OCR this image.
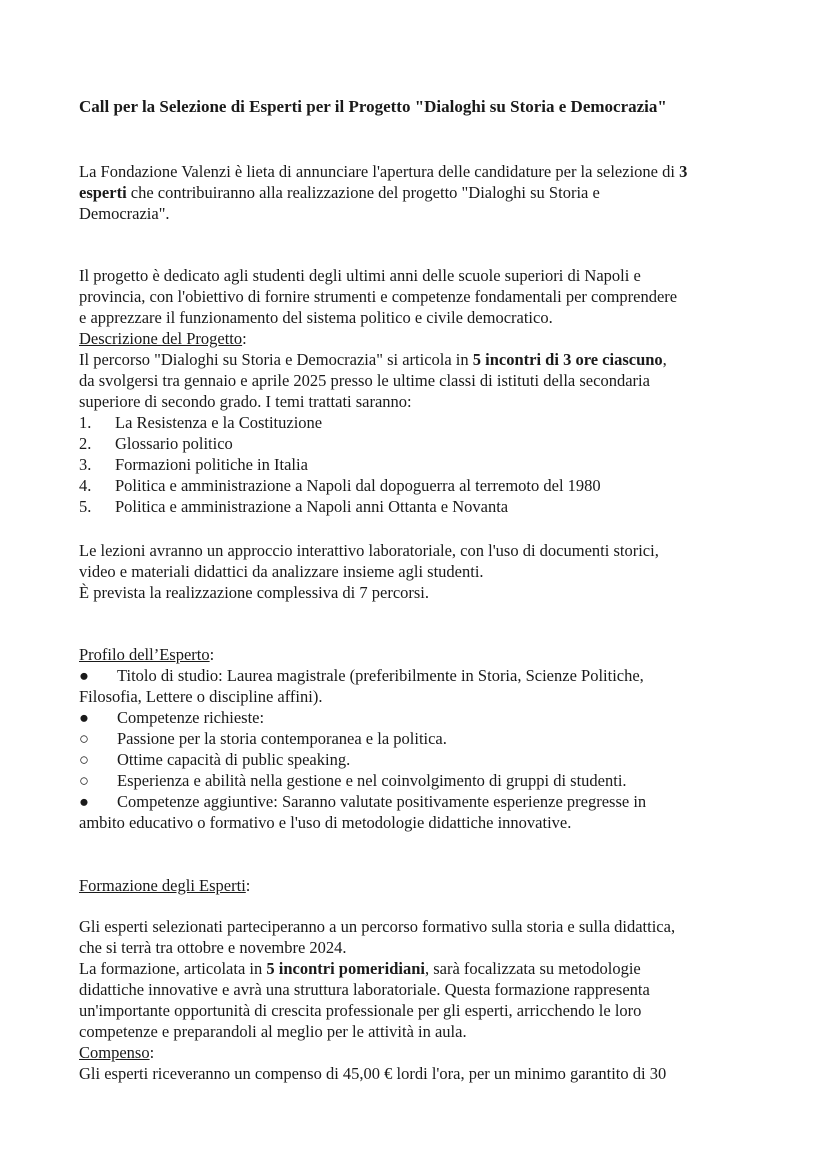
Call per la Selezione di Esperti per il Progetto "Dialoghi su Storia e Democrazia"
La Fondazione Valenzi è lieta di annunciare l'apertura delle candidature per la selezione di 3
esperti che contribuiranno alla realizzazione del progetto "Dialoghi su Storia e
Democrazia".
Il progetto è dedicato agli studenti degli ultimi anni delle scuole superiori di Napoli e
provincia, con l'obiettivo di fornire strumenti e competenze fondamentali per comprendere
e apprezzare il funzionamento del sistema politico e civile democratico.
Descrizione del Progetto:
Il percorso "Dialoghi su Storia e Democrazia" si articola in 5 incontri di 3 ore ciascuno,
da svolgersi tra gennaio e aprile 2025 presso le ultime classi di istituti della secondaria
superiore di secondo grado. I temi trattati saranno:
1. La Resistenza e la Costituzione
2. Glossario politico
3. Formazioni politiche in Italia
4. Politica e amministrazione a Napoli dal dopoguerra al terremoto del 1980
5. Politica e amministrazione a Napoli anni Ottanta e Novanta
Le lezioni avranno un approccio interattivo laboratoriale, con l'uso di documenti storici,
video e materiali didattici da analizzare insieme agli studenti.
È prevista la realizzazione complessiva di 7 percorsi.
Profilo dell’Esperto:
● Titolo di studio: Laurea magistrale (preferibilmente in Storia, Scienze Politiche,
Filosofia, Lettere o discipline affini).
● Competenze richieste:
○ Passione per la storia contemporanea e la politica.
○ Ottime capacità di public speaking.
○ Esperienza e abilità nella gestione e nel coinvolgimento di gruppi di studenti.
● Competenze aggiuntive: Saranno valutate positivamente esperienze pregresse in
ambito educativo o formativo e l'uso di metodologie didattiche innovative.
Formazione degli Esperti:
Gli esperti selezionati parteciperanno a un percorso formativo sulla storia e sulla didattica,
che si terrà tra ottobre e novembre 2024.
La formazione, articolata in 5 incontri pomeridiani, sarà focalizzata su metodologie
didattiche innovative e avrà una struttura laboratoriale. Questa formazione rappresenta
un'importante opportunità di crescita professionale per gli esperti, arricchendo le loro
competenze e preparandoli al meglio per le attività in aula.
Compenso:
Gli esperti riceveranno un compenso di 45,00 € lordi l'ora, per un minimo garantito di 30
